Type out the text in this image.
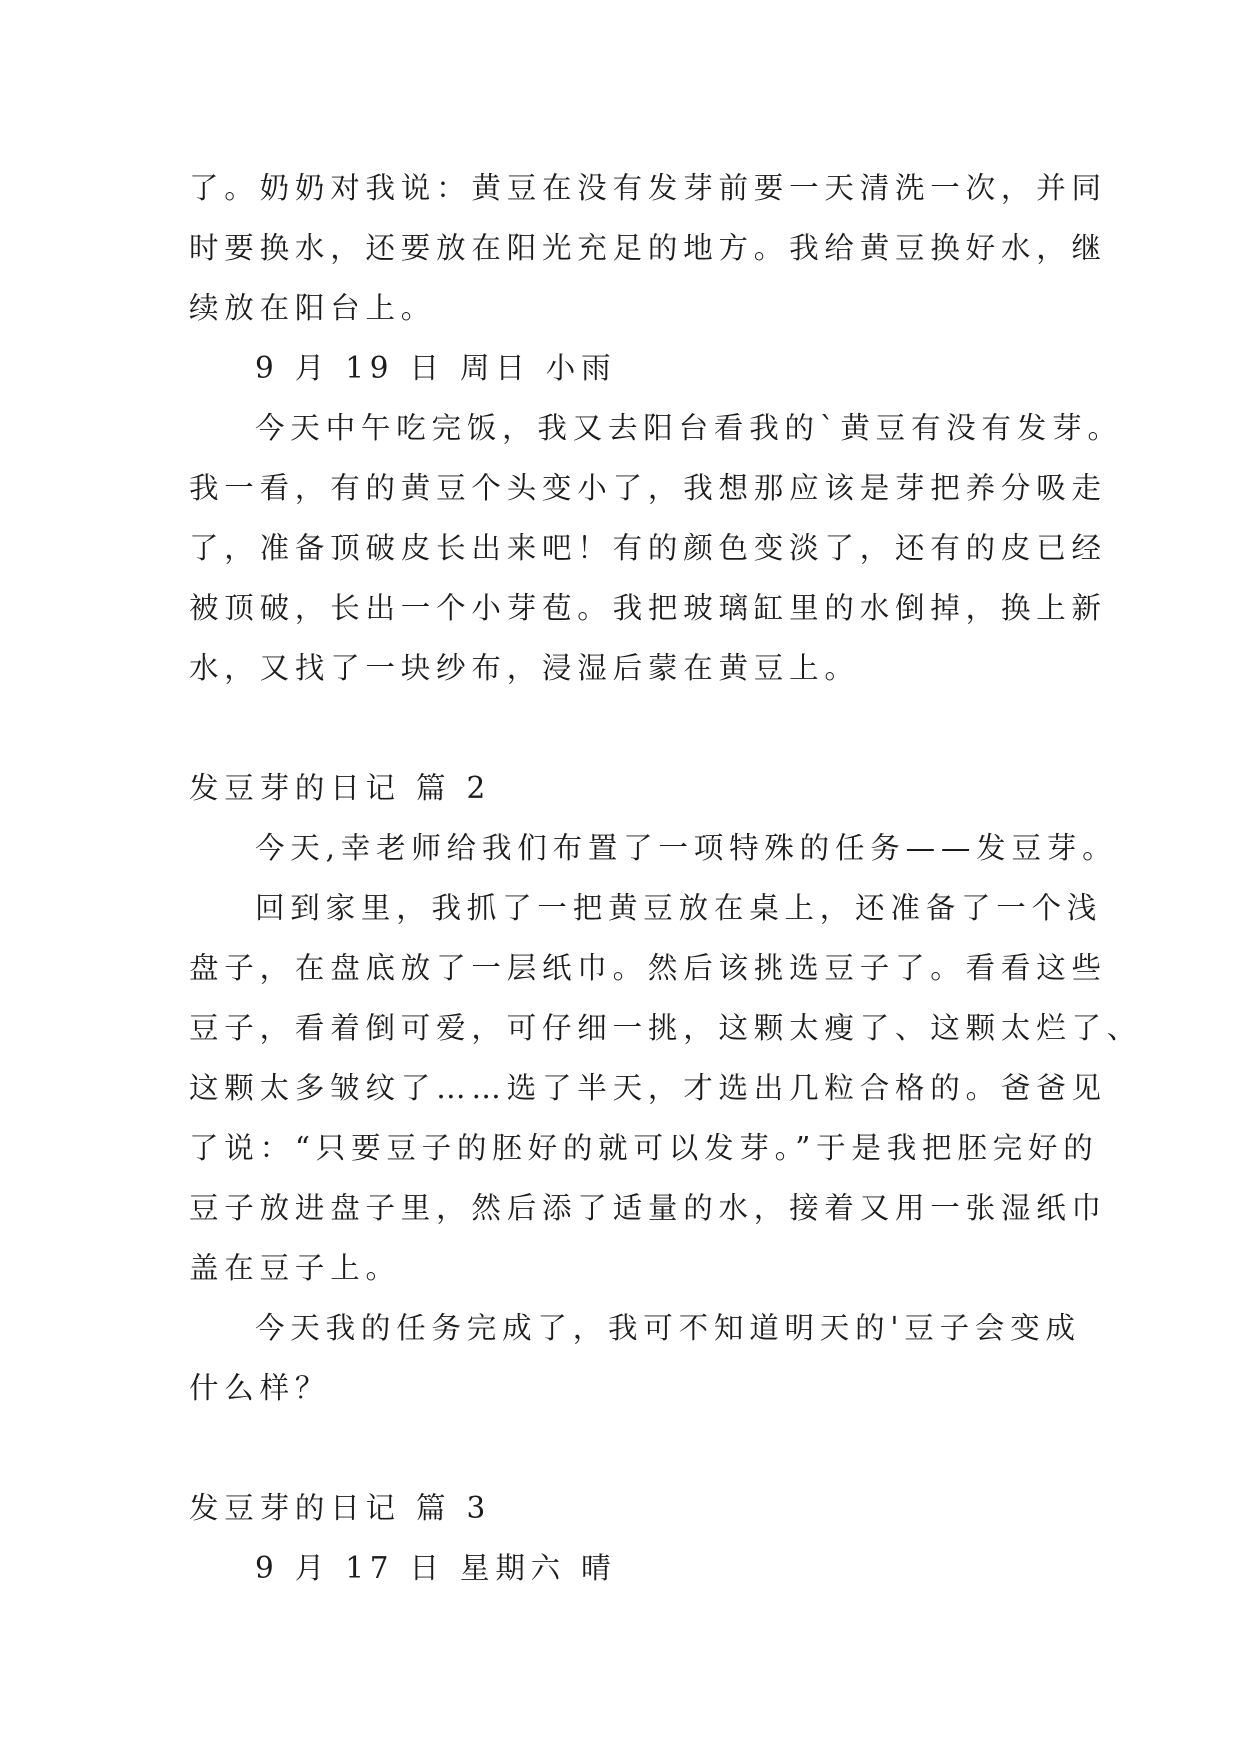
了。奶奶对我说：黄豆在没有发芽前要一天清洗一次，并同
时要换水，还要放在阳光充足的地方。我给黄豆换好水，继
续放在阳台上。
9 月 19 日 周日 小雨
今天中午吃完饭，我又去阳台看我的`黄豆有没有发芽。
我一看，有的黄豆个头变小了，我想那应该是芽把养分吸走
了，准备顶破皮长出来吧！有的颜色变淡了，还有的皮已经
被顶破，长出一个小芽苞。我把玻璃缸里的水倒掉，换上新
水，又找了一块纱布，浸湿后蒙在黄豆上。
发豆芽的日记 篇 2
今天,幸老师给我们布置了一项特殊的任务——发豆芽。
回到家里，我抓了一把黄豆放在桌上，还准备了一个浅
盘子，在盘底放了一层纸巾。然后该挑选豆子了。看看这些
豆子，看着倒可爱，可仔细一挑，这颗太瘦了、这颗太烂了、
这颗太多皱纹了……选了半天，才选出几粒合格的。爸爸见
了说：“只要豆子的胚好的就可以发芽。”于是我把胚完好的
豆子放进盘子里，然后添了适量的水，接着又用一张湿纸巾
盖在豆子上。
今天我的任务完成了，我可不知道明天的'豆子会变成
什么样？
发豆芽的日记 篇 3
9 月 17 日 星期六 晴
